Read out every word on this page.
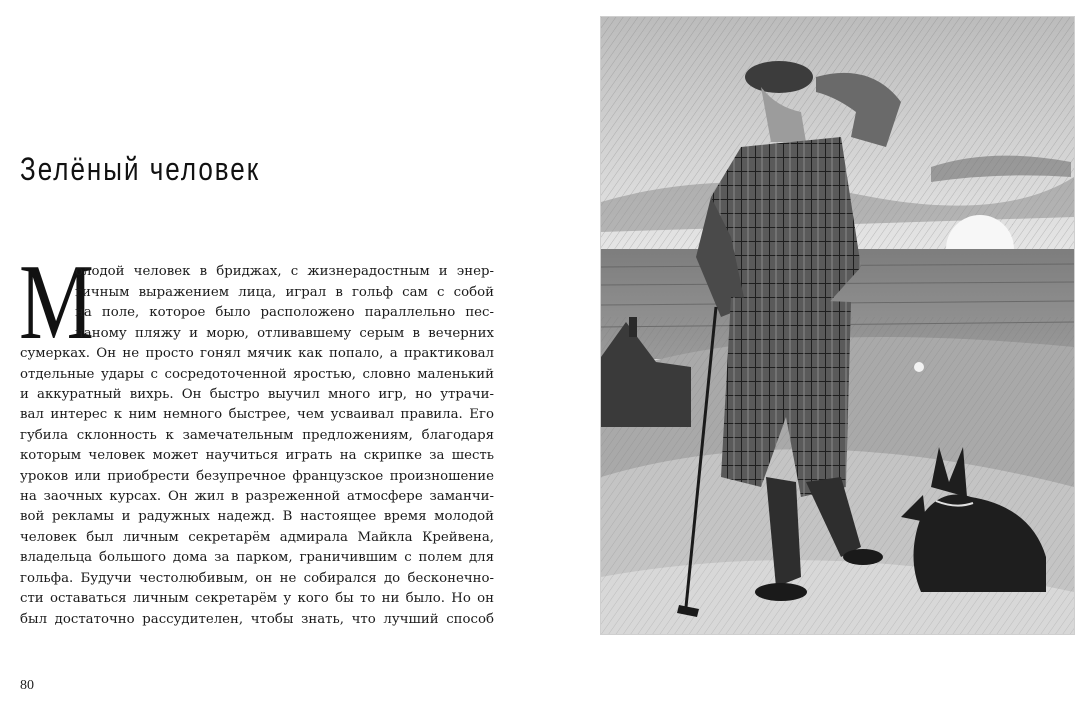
Зелёный человек
М
олодой человек в бриджах, с жизнерадостным и энер-
гичным выражением лица, играл в гольф сам с собой
на поле, которое было расположено параллельно пес-
чаному пляжу и морю, отливавшему серым в вечерних
сумерках. Он не просто гонял мячик как попало, а практиковал
отдельные удары с сосредоточенной яростью, словно маленький
и аккуратный вихрь. Он быстро выучил много игр, но утрачи-
вал интерес к ним немного быстрее, чем усваивал правила. Его
губила склонность к замечательным предложениям, благодаря
которым человек может научиться играть на скрипке за шесть
уроков или приобрести безупречное французское произношение
на заочных курсах. Он жил в разреженной атмосфере заманчи-
вой рекламы и радужных надежд. В настоящее время молодой
человек был личным секретарём адмирала Майкла Крейвена,
владельца большого дома за парком, граничившим с полем для
гольфа. Будучи честолюбивым, он не собирался до бесконечно-
сти оставаться личным секретарём у кого бы то ни было. Но он
был достаточно рассудителен, чтобы знать, что лучший способ
80
